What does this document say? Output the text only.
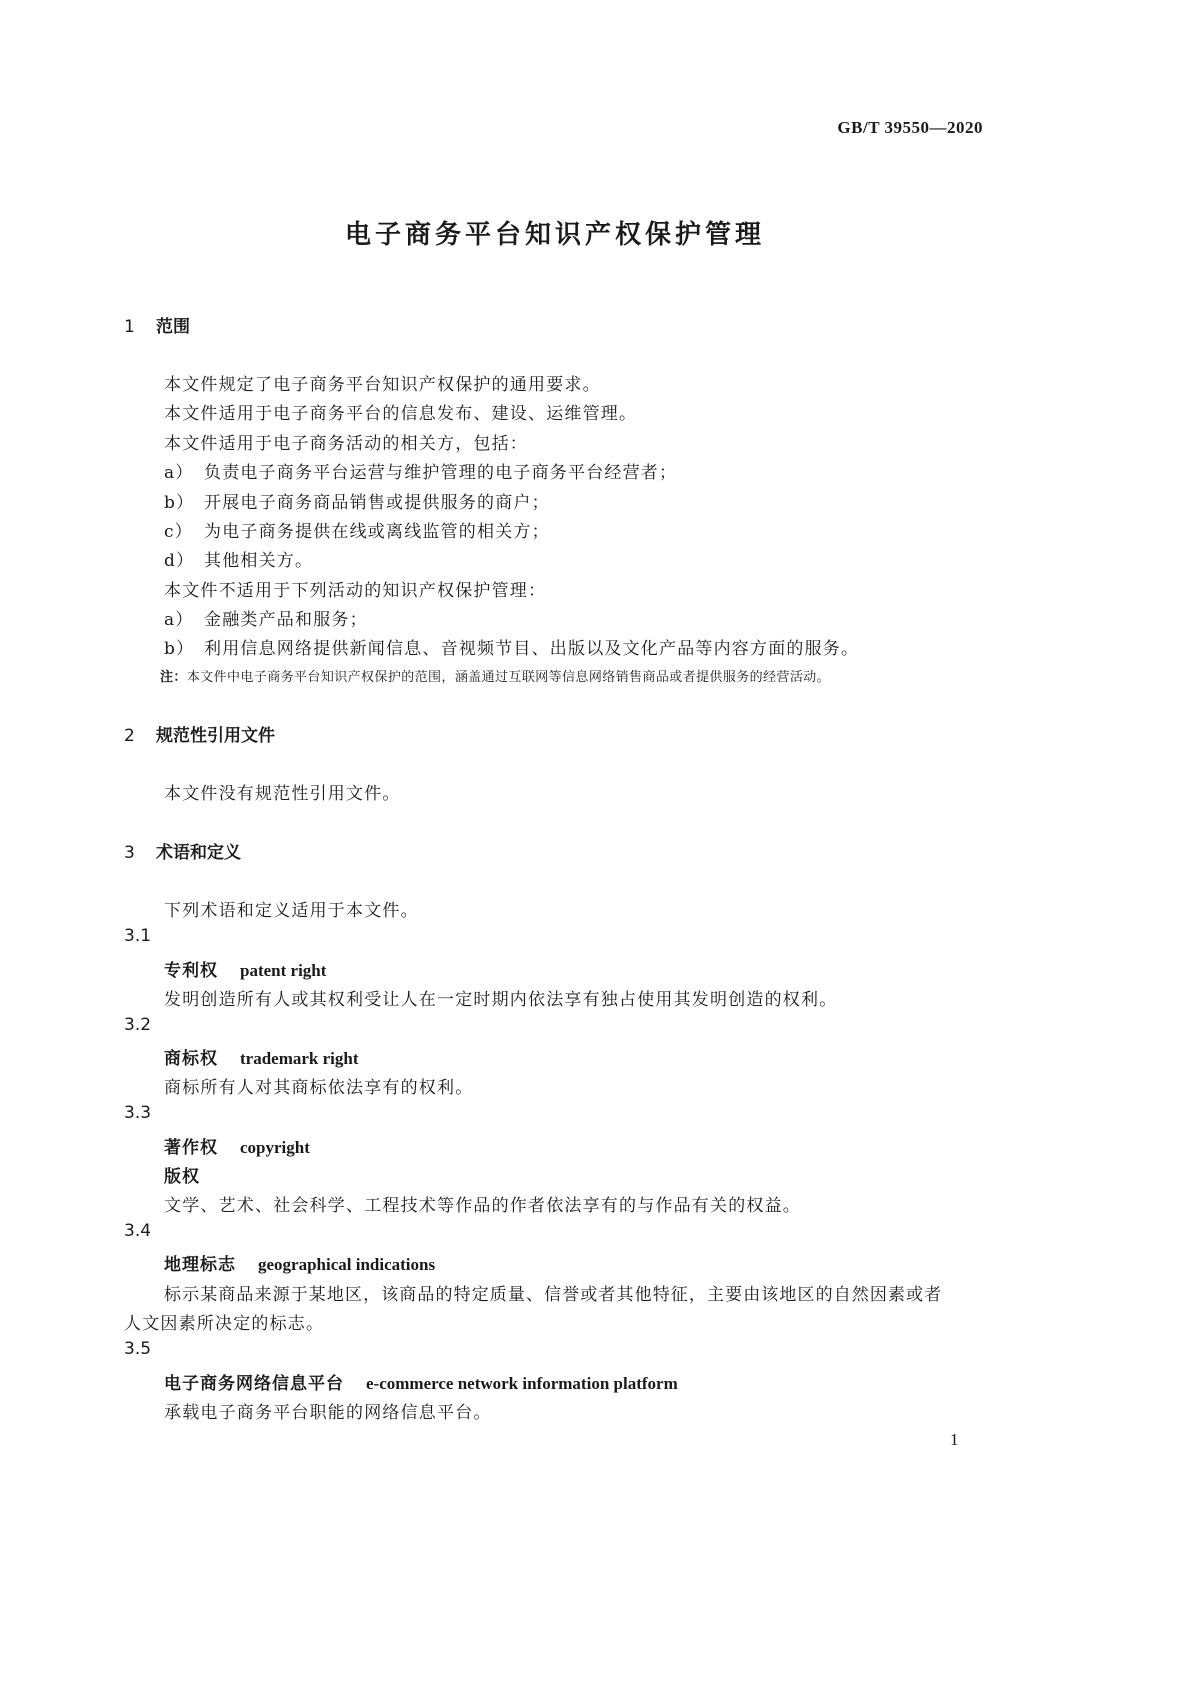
GB/T 39550—2020
电子商务平台知识产权保护管理
1 范围
本文件规定了电子商务平台知识产权保护的通用要求。
本文件适用于电子商务平台的信息发布、建设、运维管理。
本文件适用于电子商务活动的相关方，包括：
a） 负责电子商务平台运营与维护管理的电子商务平台经营者；
b） 开展电子商务商品销售或提供服务的商户；
c） 为电子商务提供在线或离线监管的相关方；
d） 其他相关方。
本文件不适用于下列活动的知识产权保护管理：
a） 金融类产品和服务；
b） 利用信息网络提供新闻信息、音视频节目、出版以及文化产品等内容方面的服务。
注：本文件中电子商务平台知识产权保护的范围，涵盖通过互联网等信息网络销售商品或者提供服务的经营活动。
2 规范性引用文件
本文件没有规范性引用文件。
3 术语和定义
下列术语和定义适用于本文件。
3.1
专利权 patent right
发明创造所有人或其权利受让人在一定时期内依法享有独占使用其发明创造的权利。
3.2
商标权 trademark right
商标所有人对其商标依法享有的权利。
3.3
著作权 copyright
版权
文学、艺术、社会科学、工程技术等作品的作者依法享有的与作品有关的权益。
3.4
地理标志 geographical indications
标示某商品来源于某地区，该商品的特定质量、信誉或者其他特征，主要由该地区的自然因素或者
人文因素所决定的标志。
3.5
电子商务网络信息平台 e-commerce network information platform
承载电子商务平台职能的网络信息平台。
1
